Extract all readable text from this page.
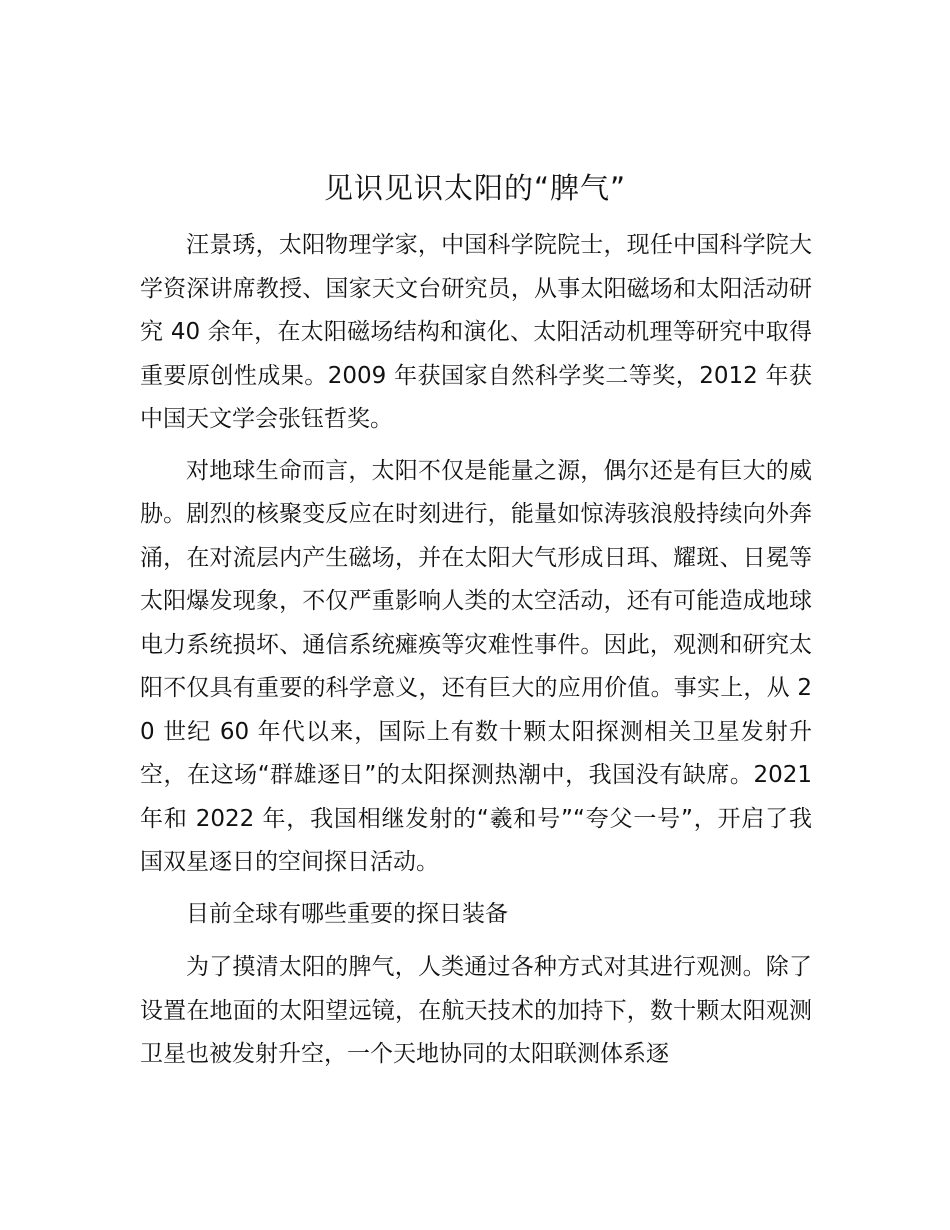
见识见识太阳的“脾气”

汪景琇，太阳物理学家，中国科学院院士，现任中国科学院大学资深讲席教授、国家天文台研究员，从事太阳磁场和太阳活动研究 40 余年，在太阳磁场结构和演化、太阳活动机理等研究中取得重要原创性成果。2009 年获国家自然科学奖二等奖，2012 年获中国天文学会张钰哲奖。

对地球生命而言，太阳不仅是能量之源，偶尔还是有巨大的威胁。剧烈的核聚变反应在时刻进行，能量如惊涛骇浪般持续向外奔涌，在对流层内产生磁场，并在太阳大气形成日珥、耀斑、日冕等太阳爆发现象，不仅严重影响人类的太空活动，还有可能造成地球电力系统损坏、通信系统瘫痪等灾难性事件。因此，观测和研究太阳不仅具有重要的科学意义，还有巨大的应用价值。事实上，从 20 世纪 60 年代以来，国际上有数十颗太阳探测相关卫星发射升空，在这场“群雄逐日”的太阳探测热潮中，我国没有缺席。2021 年和 2022 年，我国相继发射的“羲和号”“夸父一号”，开启了我国双星逐日的空间探日活动。

目前全球有哪些重要的探日装备

为了摸清太阳的脾气，人类通过各种方式对其进行观测。除了设置在地面的太阳望远镜，在航天技术的加持下，数十颗太阳观测卫星也被发射升空，一个天地协同的太阳联测体系逐
